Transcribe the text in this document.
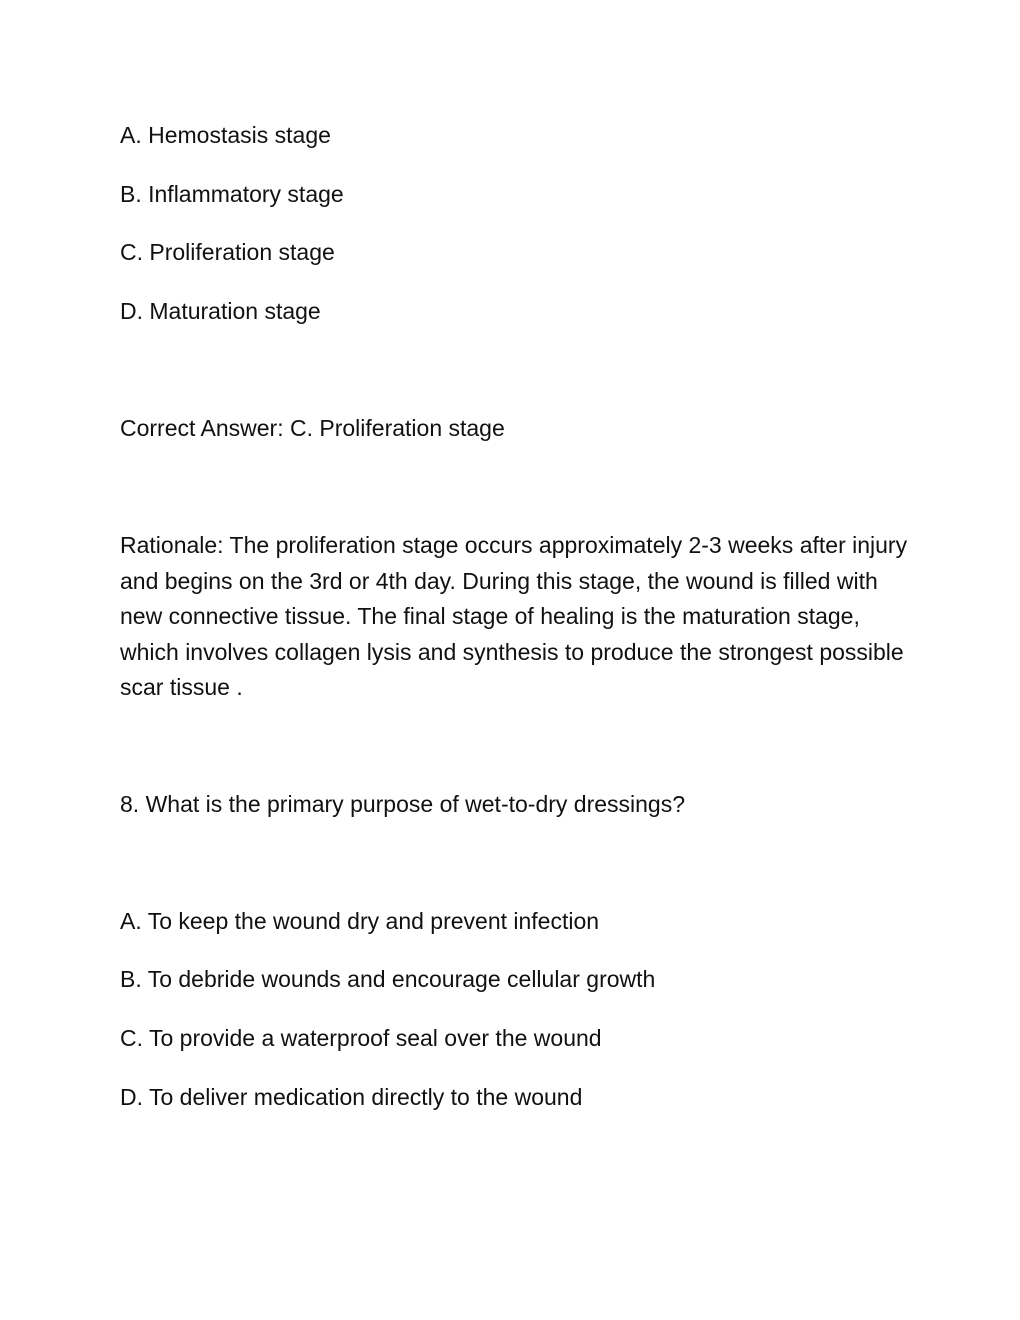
A. Hemostasis stage

B. Inflammatory stage

C. Proliferation stage

D. Maturation stage

Correct Answer: C. Proliferation stage

Rationale: The proliferation stage occurs approximately 2-3 weeks after injury and begins on the 3rd or 4th day. During this stage, the wound is filled with new connective tissue. The final stage of healing is the maturation stage, which involves collagen lysis and synthesis to produce the strongest possible scar tissue .

8. What is the primary purpose of wet-to-dry dressings?

A. To keep the wound dry and prevent infection

B. To debride wounds and encourage cellular growth

C. To provide a waterproof seal over the wound

D. To deliver medication directly to the wound
